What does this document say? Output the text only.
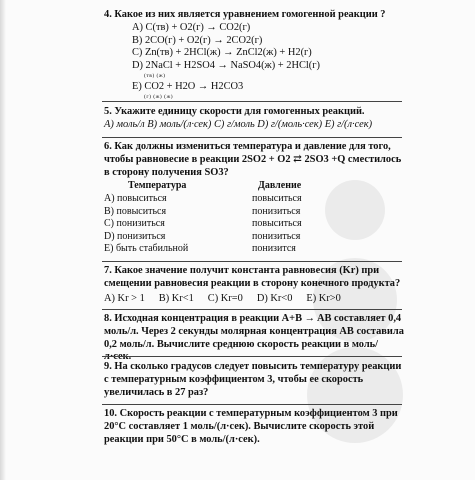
4. Какое из них является уравнением гомогенной реакции ?
A) C(тв) + O2(г) → CO2(г)
B) 2CO(г) + O2(г) → 2CO2(г)
C) Zn(тв) + 2HCl(ж) → ZnCl2(ж) + H2(г)
D) 2NaCl + H2SO4 → NaSO4(ж) + 2HCl(г)
(тв) (ж)
E) CO2 + H2O → H2CO3
(г) (ж) (ж)
5. Укажите единицу скорости для гомогенных реакций.
A) моль/л B) моль/(л·сек) C) г/моль D) г/(моль·сек) E) г/(л·сек)
6. Как должны измениться температура и давление для того, чтобы равновесие в реакции 2SO2 + O2 ⇄ 2SO3 +Q сместилось в сторону получения SO3?
Температура	Давление
A) повыситься	повыситься
B) повыситься	понизиться
C) понизиться	повыситься
D) понизиться	понизиться
E) быть стабильной	понизится
7. Какое значение получит константа равновесия (Kr) при смещении равновесия реакции в сторону конечного продукта?
A) Kr > 1 B) Kr<1 C) Kr=0 D) Kr<0 E) Kr>0
8. Исходная концентрация в реакции A+B → AB составляет 0,4 моль/л. Через 2 секунды молярная концентрация AB составила 0,2 моль/л. Вычислите среднюю скорость реакции в моль/л·сек.
9. На сколько градусов следует повысить температуру реакции с температурным коэффициентом 3, чтобы ее скорость увеличилась в 27 раз?
10. Скорость реакции с температурным коэффициентом 3 при 20°C составляет 1 моль/(л·сек). Вычислите скорость этой реакции при 50°C в моль/(л·сек).
